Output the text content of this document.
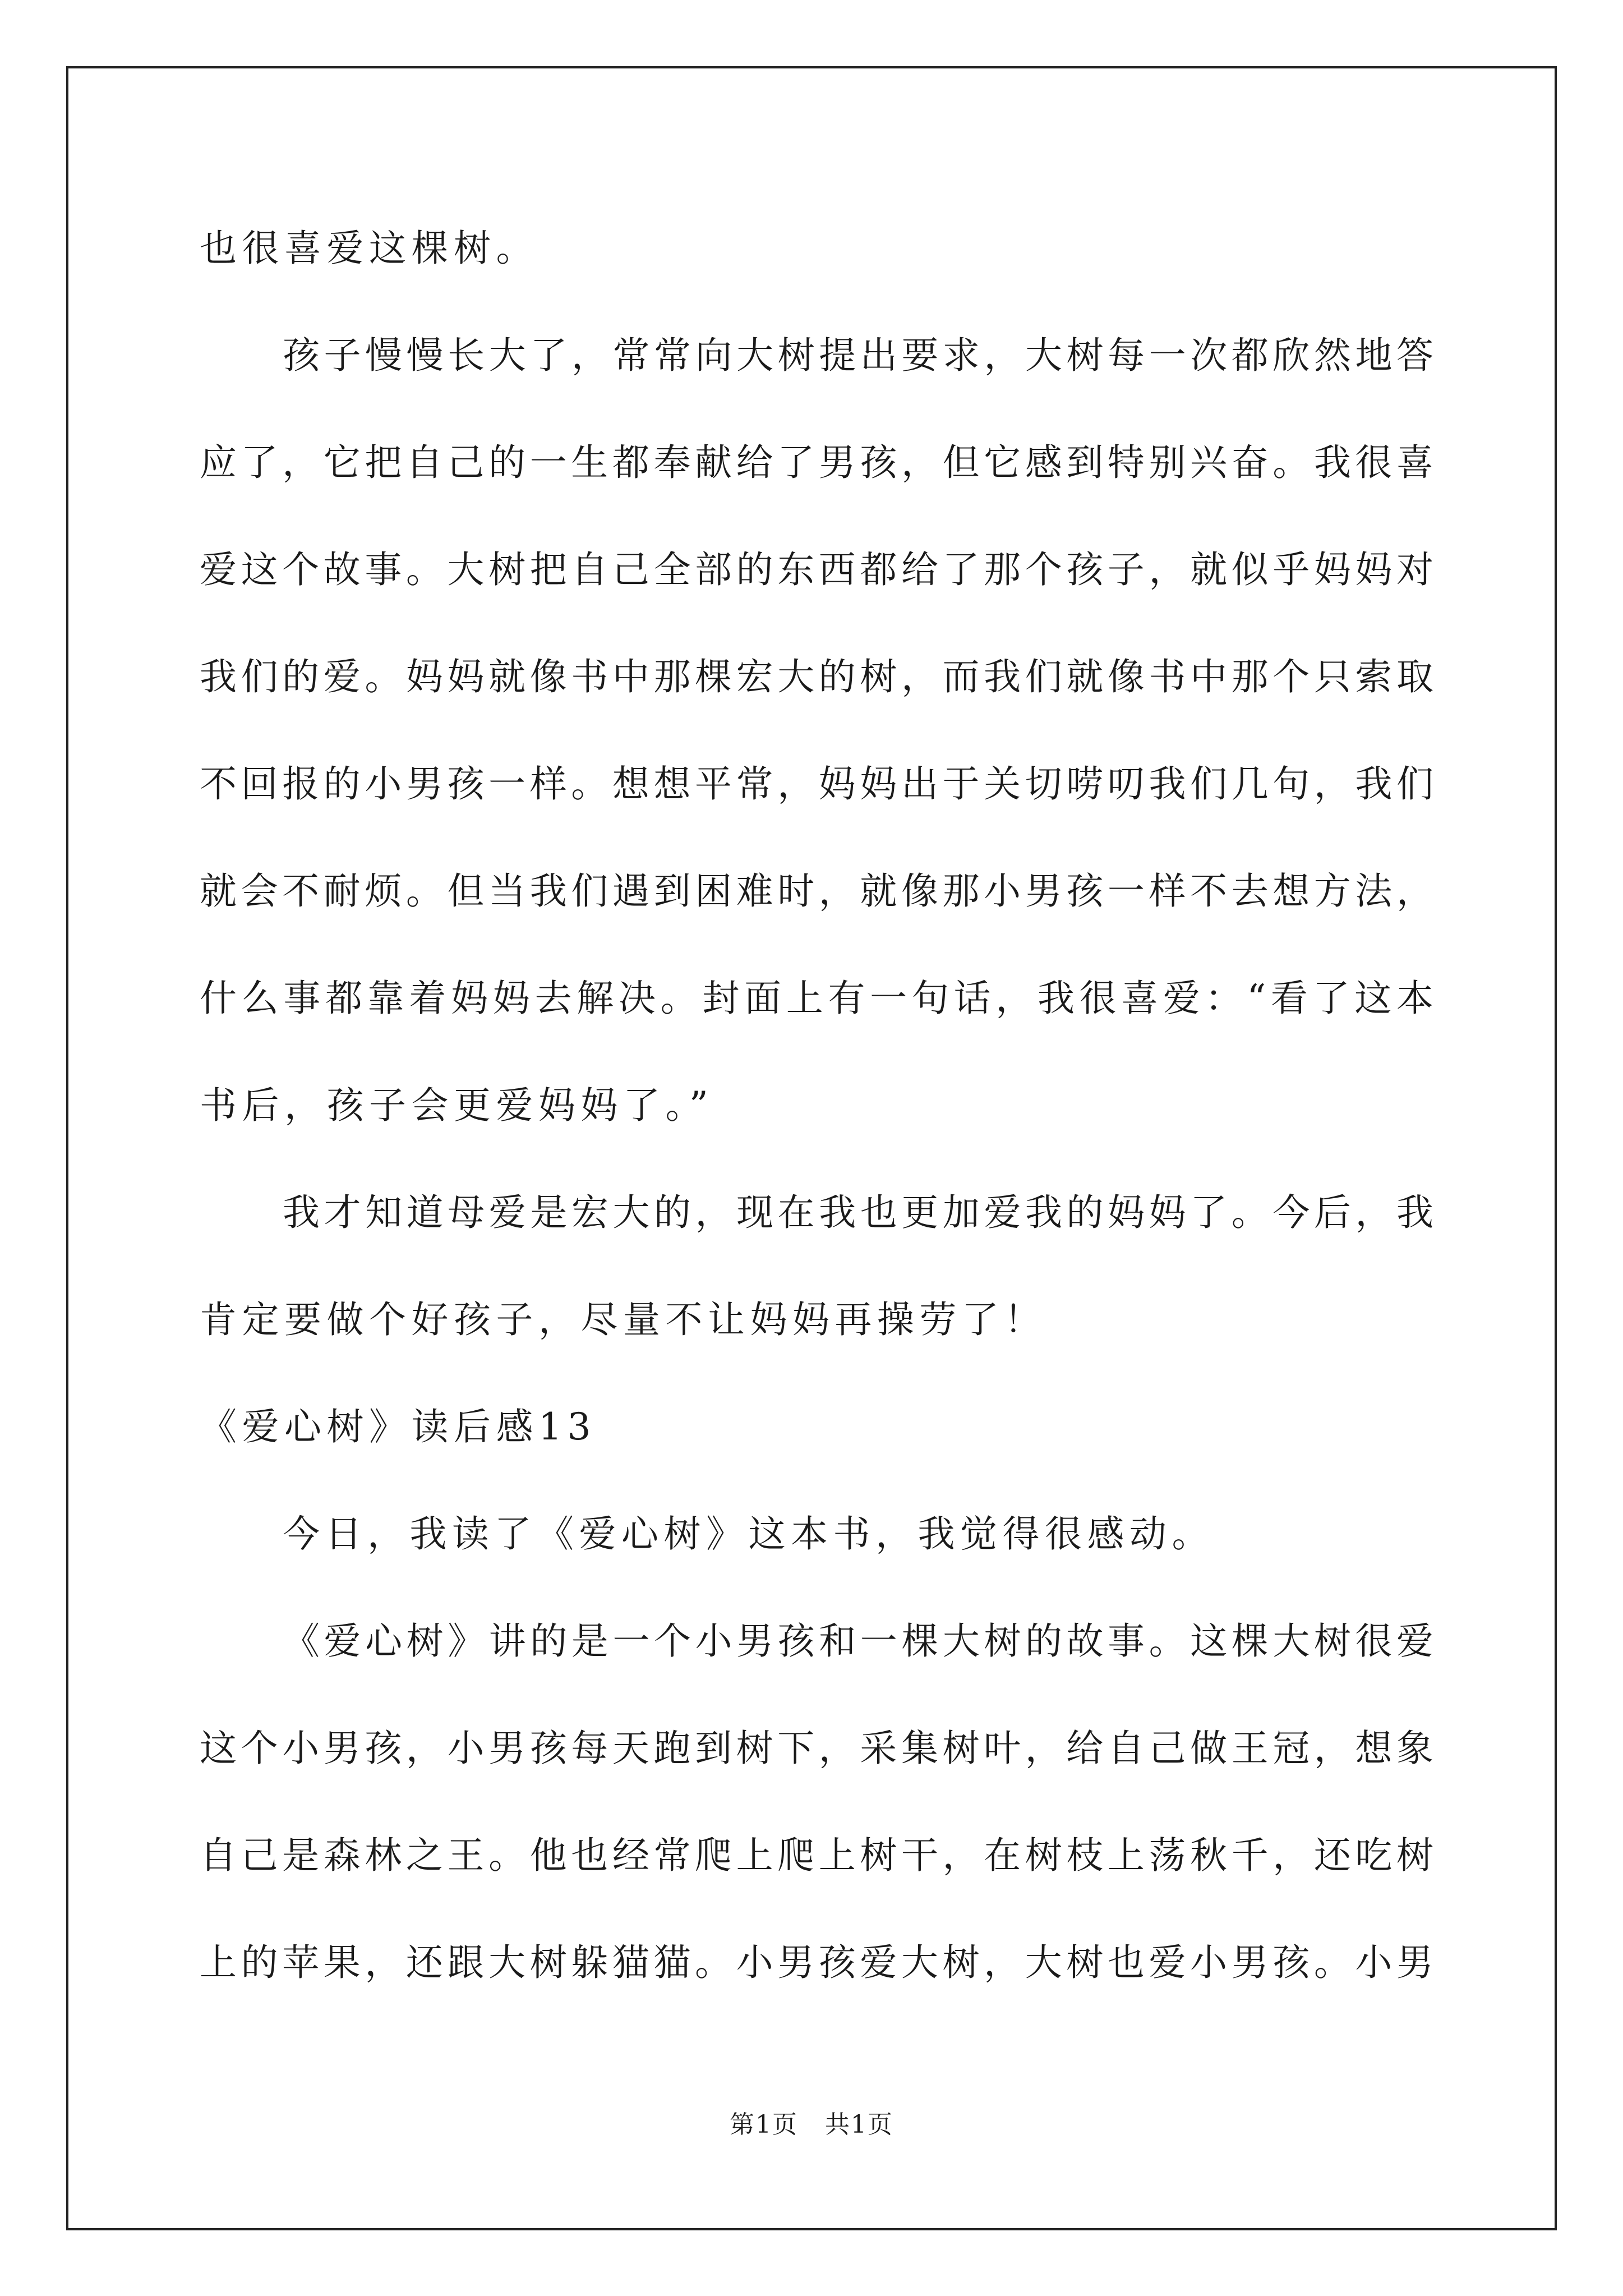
也很喜爱这棵树。
孩子慢慢长大了，常常向大树提出要求，大树每一次都欣然地答
应了，它把自己的一生都奉献给了男孩，但它感到特别兴奋。我很喜
爱这个故事。大树把自己全部的东西都给了那个孩子，就似乎妈妈对
我们的爱。妈妈就像书中那棵宏大的树，而我们就像书中那个只索取
不回报的小男孩一样。想想平常，妈妈出于关切唠叨我们几句，我们
就会不耐烦。但当我们遇到困难时，就像那小男孩一样不去想方法，
什么事都靠着妈妈去解决。封面上有一句话，我很喜爱：“看了这本
书后，孩子会更爱妈妈了。”
我才知道母爱是宏大的，现在我也更加爱我的妈妈了。今后，我
肯定要做个好孩子，尽量不让妈妈再操劳了！
《爱心树》读后感13
今日，我读了《爱心树》这本书，我觉得很感动。
《爱心树》讲的是一个小男孩和一棵大树的故事。这棵大树很爱
这个小男孩，小男孩每天跑到树下，采集树叶，给自己做王冠，想象
自己是森林之王。他也经常爬上爬上树干，在树枝上荡秋千，还吃树
上的苹果，还跟大树躲猫猫。小男孩爱大树，大树也爱小男孩。小男
第1页   共1页
